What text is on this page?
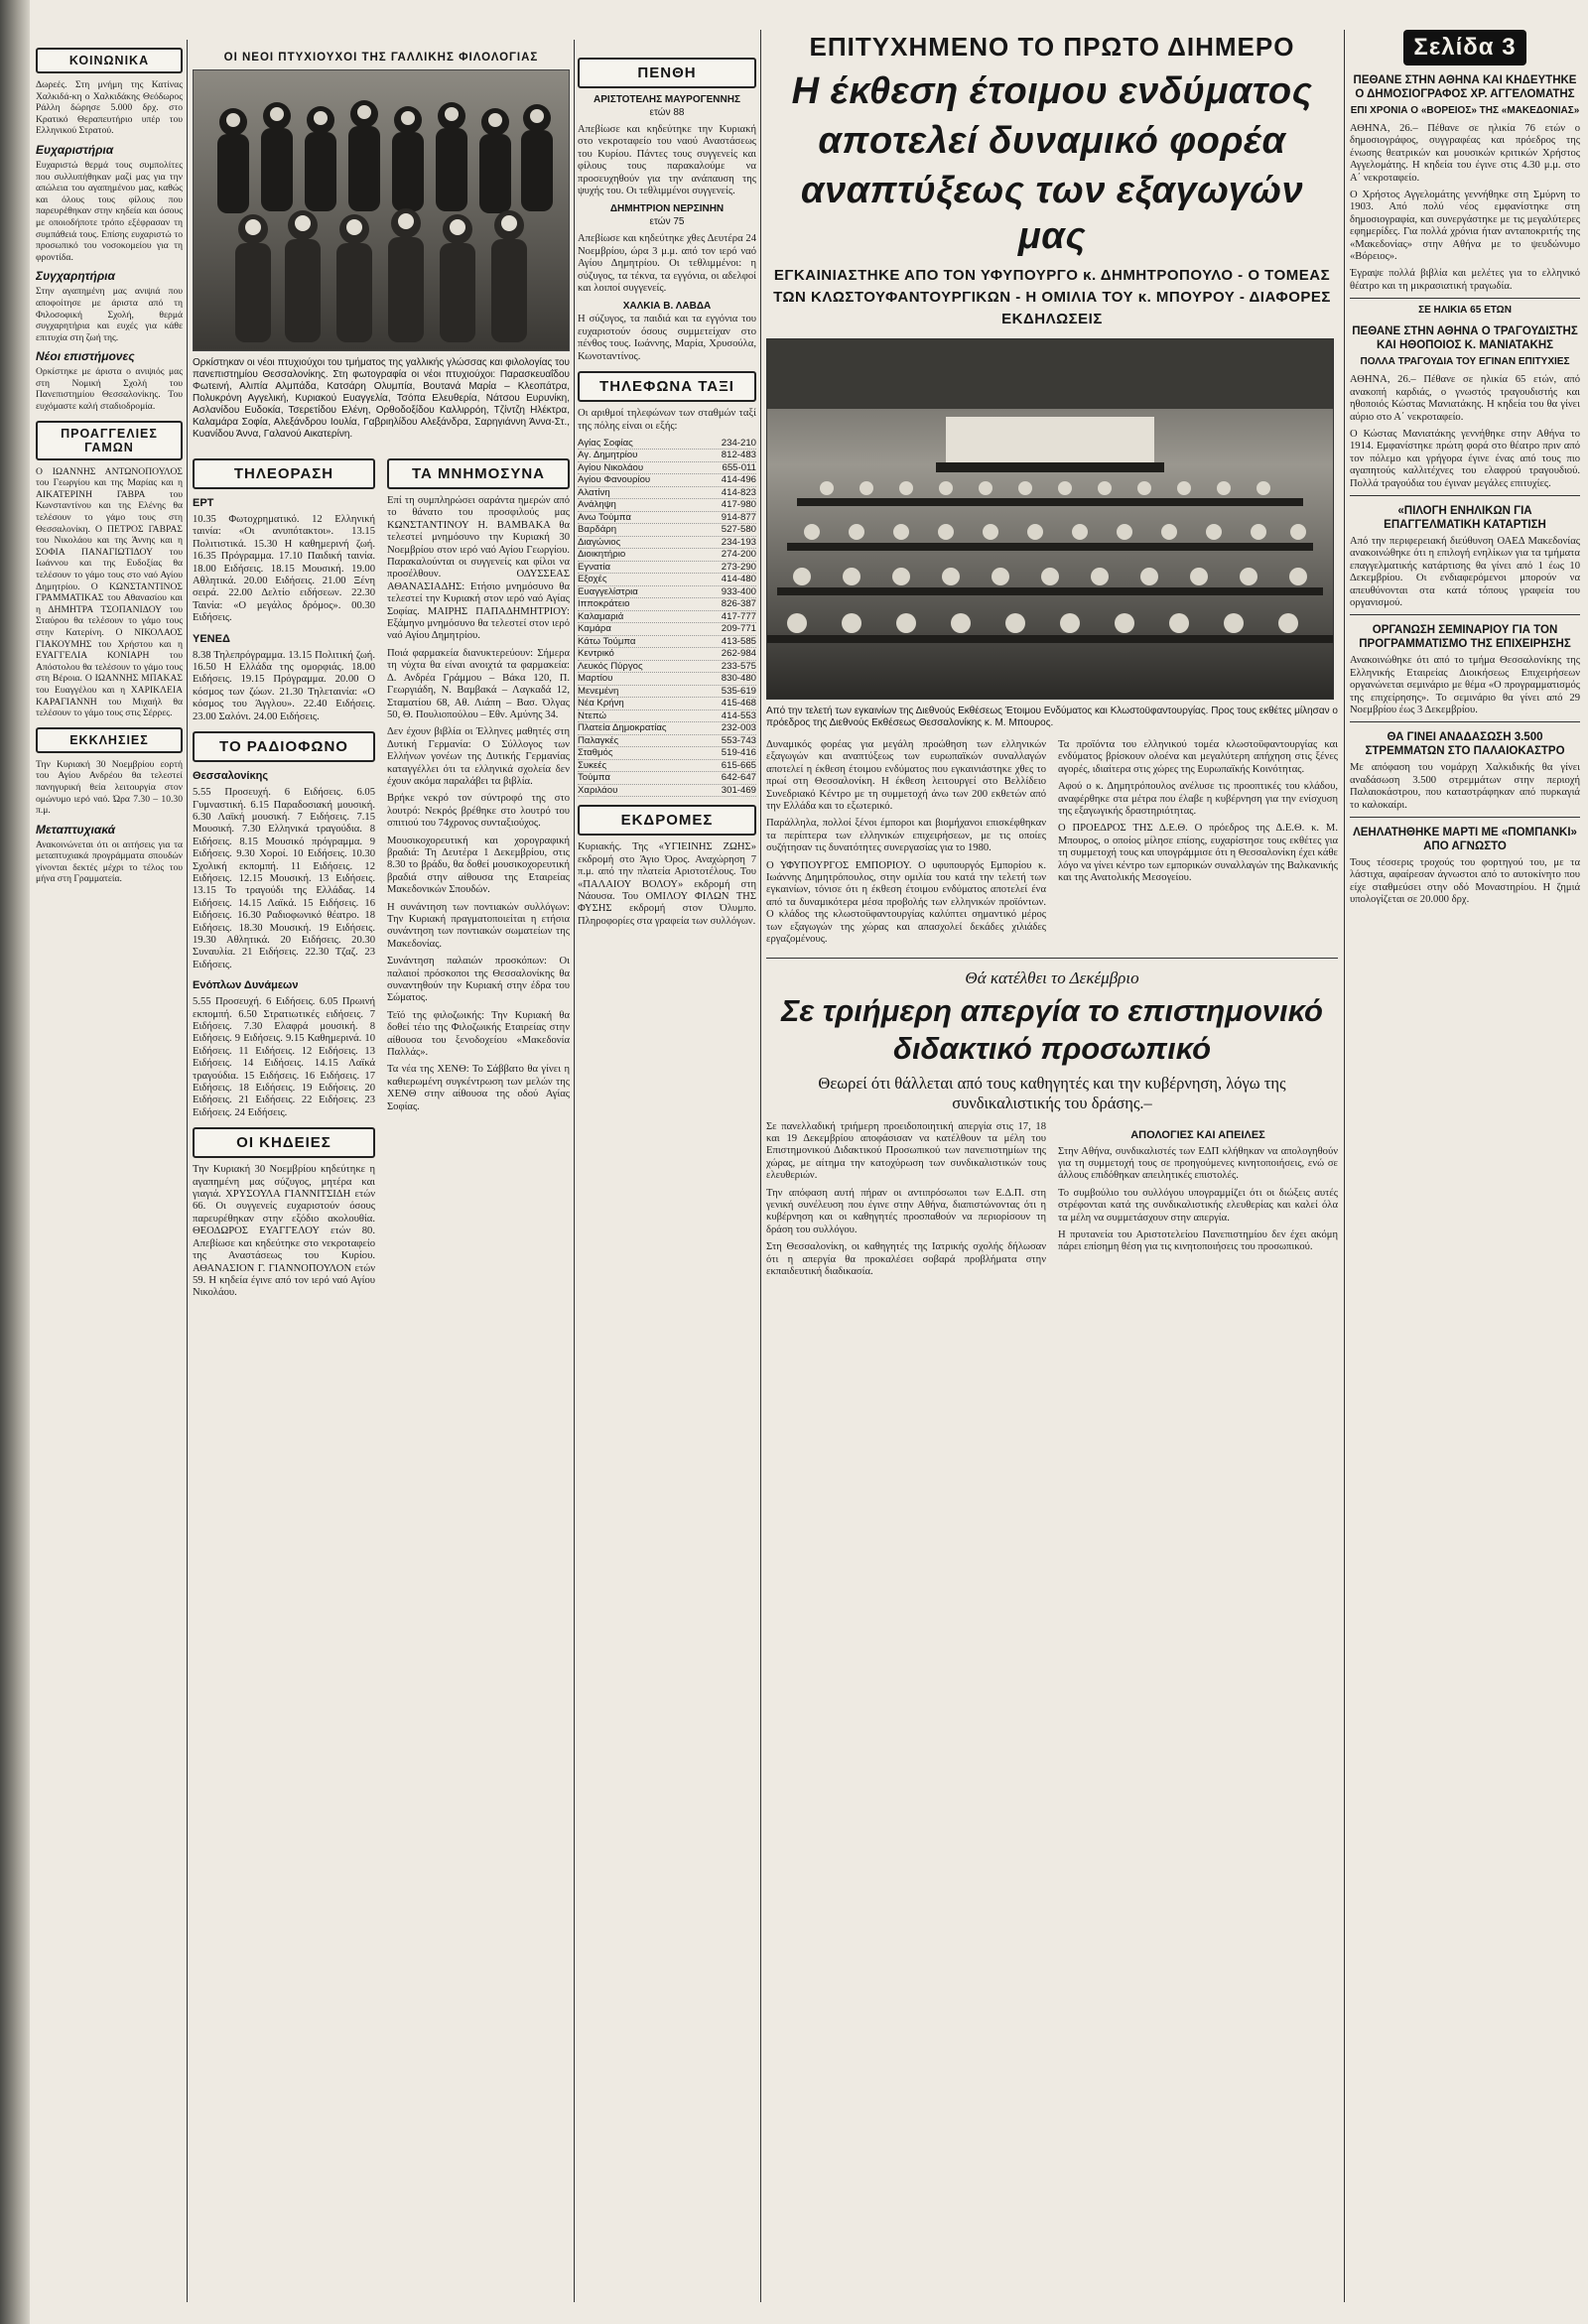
ΚΟΙΝΩΝΙΚΑ

Δωρεές. Στη μνήμη της Κατίνας Χαλκιδά-κη ο Χαλκιδάκης Θεόδωρος Ράλλη δώρησε 5.000 δρχ. στο Κρατικό Θεραπευτήριο υπέρ του Ελληνικού Στρατού.

Ευχαριστήρια

Ευχαριστώ θερμά τους συμπολίτες που συλλυπήθηκαν μαζί μας για την απώλεια του αγαπημένου μας, καθώς και όλους τους φίλους που παρευρέθηκαν στην κηδεία και όσους με οποιοδήποτε τρόπο εξέφρασαν τη συμπάθειά τους. Επίσης ευχαριστώ το προσωπικό του νοσοκομείου για τη φροντίδα.

Συγχαρητήρια

Στην αγαπημένη μας ανιψιά που αποφοίτησε με άριστα από τη Φιλοσοφική Σχολή, θερμά συγχαρητήρια και ευχές για κάθε επιτυχία στη ζωή της.

Νέοι επιστήμονες

Ορκίστηκε με άριστα ο ανιψιός μας στη Νομική Σχολή του Πανεπιστημίου Θεσσαλονίκης. Του ευχόμαστε καλή σταδιοδρομία.

ΠΡΟΑΓΓΕΛΙΕΣ ΓΑΜΩΝ

Ο ΙΩΑΝΝΗΣ ΑΝΤΩΝΟΠΟΥΛΟΣ του Γεωργίου και της Μαρίας και η ΑΙΚΑΤΕΡΙΝΗ ΓΑΒΡΑ του Κωνσταντίνου και της Ελένης θα τελέσουν το γάμο τους στη Θεσσαλονίκη. Ο ΠΕΤΡΟΣ ΓΑΒΡΑΣ του Νικολάου και της Άννης και η ΣΟΦΙΑ ΠΑΝΑΓΙΩΤΙΔΟΥ του Ιωάννου και της Ευδοξίας θα τελέσουν το γάμο τους στο ναό Αγίου Δημητρίου. Ο ΚΩΝΣΤΑΝΤΙΝΟΣ ΓΡΑΜΜΑΤΙΚΑΣ του Αθανασίου και η ΔΗΜΗΤΡΑ ΤΣΟΠΑΝΙΔΟΥ του Σταύρου θα τελέσουν το γάμο τους στην Κατερίνη. Ο ΝΙΚΟΛΑΟΣ ΓΙΑΚΟΥΜΗΣ του Χρήστου και η ΕΥΑΓΓΕΛΙΑ ΚΟΝΙΑΡΗ του Απόστολου θα τελέσουν το γάμο τους στη Βέροια. Ο ΙΩΑΝΝΗΣ ΜΠΑΚΑΣ του Ευαγγέλου και η ΧΑΡΙΚΛΕΙΑ ΚΑΡΑΓΙΑΝΝΗ του Μιχαήλ θα τελέσουν το γάμο τους στις Σέρρες.

ΕΚΚΛΗΣΙΕΣ

Την Κυριακή 30 Νοεμβρίου εορτή του Αγίου Ανδρέου θα τελεστεί πανηγυρική θεία λειτουργία στον ομώνυμο ιερό ναό. Ώρα 7.30 – 10.30 π.μ.

Μεταπτυχιακά

Ανακοινώνεται ότι οι αιτήσεις για τα μεταπτυχιακά προγράμματα σπουδών γίνονται δεκτές μέχρι το τέλος του μήνα στη Γραμματεία.

ΟΙ ΝΕΟΙ ΠΤΥΧΙΟΥΧΟΙ ΤΗΣ ΓΑΛΛΙΚΗΣ ΦΙΛΟΛΟΓΙΑΣ

Ορκίστηκαν οι νέοι πτυχιούχοι του τμήματος της γαλλικής γλώσσας και φιλολογίας του πανεπιστημίου Θεσσαλονίκης. Στη φωτογραφία οι νέοι πτυχιούχοι: Παρασκευαΐδου Φωτεινή, Αλιπία Αλμπάδα, Κατσάρη Ολυμπία, Βουτανά Μαρία – Κλεοπάτρα, Πολυκρόνη Αγγελική, Κυριακού Ευαγγελία, Τσόπα Ελευθερία, Νάτσου Ευρυνίκη, Ασλανίδου Ευδοκία, Τσερετίδου Ελένη, Ορθοδοξίδου Καλλιρρόη, Τζίντζη Ηλέκτρα, Καλαμάρα Σοφία, Αλεξάνδρου Ιουλία, Γαβριηλίδου Αλεξάνδρα, Σαρηγιάννη Άννα-Στ., Κυανίδου Άννα, Γαλανού Αικατερίνη.

ΤΗΛΕΟΡΑΣΗ
ΕΡΤ

10.35 Φωτοχρηματικό. 12 Ελληνική ταινία: «Οι ανυπότακτοι». 13.15 Πολιτιστικά. 15.30 Η καθημερινή ζωή. 16.35 Πρόγραμμα. 17.10 Παιδική ταινία. 18.00 Ειδήσεις. 18.15 Μουσική. 19.00 Αθλητικά. 20.00 Ειδήσεις. 21.00 Ξένη σειρά. 22.00 Δελτίο ειδήσεων. 22.30 Ταινία: «Ο μεγάλος δρόμος». 00.30 Ειδήσεις.

ΥΕΝΕΔ

8.38 Τηλεπρόγραμμα. 13.15 Πολιτική ζωή. 16.50 Η Ελλάδα της ομορφιάς. 18.00 Ειδήσεις. 19.15 Πρόγραμμα. 20.00 Ο κόσμος των ζώων. 21.30 Τηλεταινία: «Ο κόσμος του Άγγλου». 22.40 Ειδήσεις. 23.00 Σαλόνι. 24.00 Ειδήσεις.

ΤΟ ΡΑΔΙΟΦΩΝΟ
Θεσσαλονίκης

5.55 Προσευχή. 6 Ειδήσεις. 6.05 Γυμναστική. 6.15 Παραδοσιακή μουσική. 6.30 Λαϊκή μουσική. 7 Ειδήσεις. 7.15 Μουσική. 7.30 Ελληνικά τραγούδια. 8 Ειδήσεις. 8.15 Μουσικό πρόγραμμα. 9 Ειδήσεις. 9.30 Χοροί. 10 Ειδήσεις. 10.30 Σχολική εκπομπή. 11 Ειδήσεις. 12 Ειδήσεις. 12.15 Μουσική. 13 Ειδήσεις. 13.15 Το τραγούδι της Ελλάδας. 14 Ειδήσεις. 14.15 Λαϊκά. 15 Ειδήσεις. 16 Ειδήσεις. 16.30 Ραδιοφωνικό θέατρο. 18 Ειδήσεις. 18.30 Μουσική. 19 Ειδήσεις. 19.30 Αθλητικά. 20 Ειδήσεις. 20.30 Συναυλία. 21 Ειδήσεις. 22.30 Τζαζ. 23 Ειδήσεις.

Ενόπλων Δυνάμεων

5.55 Προσευχή. 6 Ειδήσεις. 6.05 Πρωινή εκπομπή. 6.50 Στρατιωτικές ειδήσεις. 7 Ειδήσεις. 7.30 Ελαφρά μουσική. 8 Ειδήσεις. 9 Ειδήσεις. 9.15 Καθημερινά. 10 Ειδήσεις. 11 Ειδήσεις. 12 Ειδήσεις. 13 Ειδήσεις. 14 Ειδήσεις. 14.15 Λαϊκά τραγούδια. 15 Ειδήσεις. 16 Ειδήσεις. 17 Ειδήσεις. 18 Ειδήσεις. 19 Ειδήσεις. 20 Ειδήσεις. 21 Ειδήσεις. 22 Ειδήσεις. 23 Ειδήσεις. 24 Ειδήσεις.

ΟΙ ΚΗΔΕΙΕΣ

Την Κυριακή 30 Νοεμβρίου κηδεύτηκε η αγαπημένη μας σύζυγος, μητέρα και γιαγιά. ΧΡΥΣΟΥΛΑ ΓΙΑΝΝΙΤΣΙΔΗ ετών 66. Οι συγγενείς ευχαριστούν όσους παρευρέθηκαν στην εξόδιο ακολουθία. ΘΕΟΔΩΡΟΣ ΕΥΑΓΓΕΛΟΥ ετών 80. Απεβίωσε και κηδεύτηκε στο νεκροταφείο της Αναστάσεως του Κυρίου. ΑΘΑΝΑΣΙΟΝ Γ. ΓΙΑΝΝΟΠΟΥΛΟΝ ετών 59. Η κηδεία έγινε από τον ιερό ναό Αγίου Νικολάου.

ΤΑ ΜΝΗΜΟΣΥΝΑ

Επί τη συμπληρώσει σαράντα ημερών από το θάνατο του προσφιλούς μας ΚΩΝΣΤΑΝΤΙΝΟΥ Η. ΒΑΜΒΑΚΑ θα τελεστεί μνημόσυνο την Κυριακή 30 Νοεμβρίου στον ιερό ναό Αγίου Γεωργίου. Παρακαλούνται οι συγγενείς και φίλοι να προσέλθουν. ΟΔΥΣΣΕΑΣ ΑΘΑΝΑΣΙΑΔΗΣ: Ετήσιο μνημόσυνο θα τελεστεί την Κυριακή στον ιερό ναό Αγίας Σοφίας. ΜΑΙΡΗΣ ΠΑΠΑΔΗΜΗΤΡΙΟΥ: Εξάμηνο μνημόσυνο θα τελεστεί στον ιερό ναό Αγίου Δημητρίου.

Ποιά φαρμακεία διανυκτερεύουν: Σήμερα τη νύχτα θα είναι ανοιχτά τα φαρμακεία: Δ. Ανδρέα Γράμμου – Βάκα 120, Π. Γεωργιάδη, Ν. Βαμβακά – Λαγκαδά 12, Σταματίου 68, Αθ. Λιάπη – Βασ. Όλγας 50, Θ. Πουλιοπούλου – Εθν. Αμύνης 34.

Δεν έχουν βιβλία οι Έλληνες μαθητές στη Δυτική Γερμανία: Ο Σύλλογος των Ελλήνων γονέων της Δυτικής Γερμανίας καταγγέλλει ότι τα ελληνικά σχολεία δεν έχουν ακόμα παραλάβει τα βιβλία.

Βρήκε νεκρό τον σύντροφό της στο λουτρό: Νεκρός βρέθηκε στο λουτρό του σπιτιού του 74χρονος συνταξιούχος.

Μουσικοχορευτική και χορογραφική βραδιά: Τη Δευτέρα 1 Δεκεμβρίου, στις 8.30 το βράδυ, θα δοθεί μουσικοχορευτική βραδιά στην αίθουσα της Εταιρείας Μακεδονικών Σπουδών.

Η συνάντηση των ποντιακών συλλόγων: Την Κυριακή πραγματοποιείται η ετήσια συνάντηση των ποντιακών σωματείων της Μακεδονίας.

Συνάντηση παλαιών προσκόπων: Οι παλαιοί πρόσκοποι της Θεσσαλονίκης θα συναντηθούν την Κυριακή στην έδρα του Σώματος.

Τεϊό της φιλοζωικής: Την Κυριακή θα δοθεί τέιο της Φιλοζωικής Εταιρείας στην αίθουσα του ξενοδοχείου «Μακεδονία Παλλάς».

Τα νέα της ΧΕΝΘ: Το Σάββατο θα γίνει η καθιερωμένη συγκέντρωση των μελών της ΧΕΝΘ στην αίθουσα της οδού Αγίας Σοφίας.

ΠΕΝΘΗ
ΑΡΙΣΤΟΤΕΛΗΣ ΜΑΥΡΟΓΕΝΝΗΣ
ετών 88

Απεβίωσε και κηδεύτηκε την Κυριακή στο νεκροταφείο του ναού Αναστάσεως του Κυρίου. Πάντες τους συγγενείς και φίλους τους παρακαλούμε να προσευχηθούν για την ανάπαυση της ψυχής του. Οι τεθλιμμένοι συγγενείς.

ΔΗΜΗΤΡΙΟΝ ΝΕΡΣΙΝΗΝ
ετών 75

Απεβίωσε και κηδεύτηκε χθες Δευτέρα 24 Νοεμβρίου, ώρα 3 μ.μ. από τον ιερό ναό Αγίου Δημητρίου. Οι τεθλιμμένοι: η σύζυγος, τα τέκνα, τα εγγόνια, οι αδελφοί και λοιποί συγγενείς.

ΧΑΛΚΙΑ Β. ΛΑΒΔΑ

Η σύζυγος, τα παιδιά και τα εγγόνια του ευχαριστούν όσους συμμετείχαν στο πένθος τους. Ιωάννης, Μαρία, Χρυσούλα, Κωνσταντίνος.

ΤΗΛΕΦΩΝΑ ΤΑΞΙ

Οι αριθμοί τηλεφώνων των σταθμών ταξί της πόλης είναι οι εξής:

Αγίας Σοφίας	234-210
Αγ. Δημητρίου	812-483
Αγίου Νικολάου	655-011
Αγίου Φανουρίου	414-496
Αλατίνη	414-823
Ανάληψη	417-980
Ανω Τούμπα	914-877
Βαρδάρη	527-580
Διαγώνιος	234-193
Διοικητήριο	274-200
Εγνατία	273-290
Εξοχές	414-480
Ευαγγελίστρια	933-400
Ιπποκράτειο	826-387
Καλαμαριά	417-777
Καμάρα	209-771
Κάτω Τούμπα	413-585
Κεντρικό	262-984
Λευκός Πύργος	233-575
Μαρτίου	830-480
Μενεμένη	535-619
Νέα Κρήνη	415-468
Ντεπώ	414-553
Πλατεία Δημοκρατίας	232-003
Παλαγκές	553-743
Σταθμός	519-416
Συκεές	615-665
Τούμπα	642-647
Χαριλάου	301-469
ΕΚΔΡΟΜΕΣ

Κυριακής. Της «ΥΓΙΕΙΝΗΣ ΖΩΗΣ» εκδρομή στο Άγιο Όρος. Αναχώρηση 7 π.μ. από την πλατεία Αριστοτέλους. Του «ΠΑΛΑΙΟΥ ΒΟΛΟΥ» εκδρομή στη Νάουσα. Του ΟΜΙΛΟΥ ΦΙΛΩΝ ΤΗΣ ΦΥΣΗΣ εκδρομή στον Όλυμπο. Πληροφορίες στα γραφεία των συλλόγων.

ΕΠΙΤΥΧΗΜΕΝΟ ΤΟ ΠΡΩΤΟ ΔΙΗΜΕΡΟ
Η έκθεση έτοιμου ενδύματος
αποτελεί δυναμικό φορέα
αναπτύξεως των εξαγωγών μας
ΕΓΚΑΙΝΙΑΣΤΗΚΕ ΑΠΟ ΤΟΝ ΥΦΥΠΟΥΡΓΟ κ. ΔΗΜΗΤΡΟΠΟΥΛΟ - Ο ΤΟΜΕΑΣ ΤΩΝ ΚΛΩΣΤΟΥΦΑΝΤΟΥΡΓΙΚΩΝ - Η ΟΜΙΛΙΑ ΤΟΥ κ. ΜΠΟΥΡΟΥ - ΔΙΑΦΟΡΕΣ ΕΚΔΗΛΩΣΕΙΣ

Από την τελετή των εγκαινίων της Διεθνούς Εκθέσεως Έτοιμου Ενδύματος και Κλωστοϋφαντουργίας. Προς τους εκθέτες μίλησαν ο πρόεδρος της Διεθνούς Εκθέσεως Θεσσαλονίκης κ. Μ. Μπουρος.

Δυναμικός φορέας για μεγάλη προώθηση των ελληνικών εξαγωγών και αναπτύξεως των ευρωπαϊκών συναλλαγών αποτελεί η έκθεση έτοιμου ενδύματος που εγκαινιάστηκε χθες το πρωί στη Θεσσαλονίκη. Η έκθεση λειτουργεί στο Βελλίδειο Συνεδριακό Κέντρο με τη συμμετοχή άνω των 200 εκθετών από την Ελλάδα και το εξωτερικό.

Παράλληλα, πολλοί ξένοι έμποροι και βιομήχανοι επισκέφθηκαν τα περίπτερα των ελληνικών επιχειρήσεων, με τις οποίες συζήτησαν τις δυνατότητες συνεργασίας για το 1980.

Ο ΥΦΥΠΟΥΡΓΟΣ ΕΜΠΟΡΙΟΥ. Ο υφυπουργός Εμπορίου κ. Ιωάννης Δημητρόπουλος, στην ομιλία του κατά την τελετή των εγκαινίων, τόνισε ότι η έκθεση έτοιμου ενδύματος αποτελεί ένα από τα δυναμικότερα μέσα προβολής των ελληνικών προϊόντων. Ο κλάδος της κλωστοϋφαντουργίας καλύπτει σημαντικό μέρος των εξαγωγών της χώρας και απασχολεί δεκάδες χιλιάδες εργαζομένους.

Τα προϊόντα του ελληνικού τομέα κλωστοϋφαντουργίας και ενδύματος βρίσκουν ολοένα και μεγαλύτερη απήχηση στις ξένες αγορές, ιδιαίτερα στις χώρες της Ευρωπαϊκής Κοινότητας.

Αφού ο κ. Δημητρόπουλος ανέλυσε τις προοπτικές του κλάδου, αναφέρθηκε στα μέτρα που έλαβε η κυβέρνηση για την ενίσχυση της εξαγωγικής δραστηριότητας.

Ο ΠΡΟΕΔΡΟΣ ΤΗΣ Δ.Ε.Θ. Ο πρόεδρος της Δ.Ε.Θ. κ. Μ. Μπουρος, ο οποίος μίλησε επίσης, ευχαρίστησε τους εκθέτες για τη συμμετοχή τους και υπογράμμισε ότι η Θεσσαλονίκη έχει κάθε λόγο να γίνει κέντρο των εμπορικών συναλλαγών της Βαλκανικής και της Ανατολικής Μεσογείου.

Θά κατέλθει το Δεκέμβριο
Σε τριήμερη απεργία το επιστημονικό διδακτικό προσωπικό
Θεωρεί ότι θάλλεται από τους καθηγητές και την κυβέρνηση, λόγω της συνδικαλιστικής του δράσης.–

Σε πανελλαδική τριήμερη προειδοποιητική απεργία στις 17, 18 και 19 Δεκεμβρίου αποφάσισαν να κατέλθουν τα μέλη του Επιστημονικού Διδακτικού Προσωπικού των πανεπιστημίων της χώρας, με αίτημα την κατοχύρωση των συνδικαλιστικών τους ελευθεριών.

Την απόφαση αυτή πήραν οι αντιπρόσωποι των Ε.Δ.Π. στη γενική συνέλευση που έγινε στην Αθήνα, διαπιστώνοντας ότι η κυβέρνηση και οι καθηγητές προσπαθούν να περιορίσουν τη δράση του συλλόγου.

Στη Θεσσαλονίκη, οι καθηγητές της Ιατρικής σχολής δήλωσαν ότι η απεργία θα προκαλέσει σοβαρά προβλήματα στην εκπαιδευτική διαδικασία.

ΑΠΟΛΟΓΙΕΣ ΚΑΙ ΑΠΕΙΛΕΣ

Στην Αθήνα, συνδικαλιστές των ΕΔΠ κλήθηκαν να απολογηθούν για τη συμμετοχή τους σε προηγούμενες κινητοποιήσεις, ενώ σε άλλους επιδόθηκαν απειλητικές επιστολές.

Το συμβούλιο του συλλόγου υπογραμμίζει ότι οι διώξεις αυτές στρέφονται κατά της συνδικαλιστικής ελευθερίας και καλεί όλα τα μέλη να συμμετάσχουν στην απεργία.

Η πρυτανεία του Αριστοτελείου Πανεπιστημίου δεν έχει ακόμη πάρει επίσημη θέση για τις κινητοποιήσεις του προσωπικού.

Σελίδα 3
ΠΕΘΑΝΕ ΣΤΗΝ ΑΘΗΝΑ ΚΑΙ ΚΗΔΕΥΤΗΚΕ Ο ΔΗΜΟΣΙΟΓΡΑΦΟΣ ΧΡ. ΑΓΓΕΛΟΜΑΤΗΣ
ΕΠΙ ΧΡΟΝΙΑ Ο «ΒΟΡΕΙΟΣ» ΤΗΣ «ΜΑΚΕΔΟΝΙΑΣ»

ΑΘΗΝΑ, 26.– Πέθανε σε ηλικία 76 ετών ο δημοσιογράφος, συγγραφέας και πρόεδρος της ένωσης θεατρικών και μουσικών κριτικών Χρήστος Αγγελομάτης. Η κηδεία του έγινε στις 4.30 μ.μ. στο Α΄ νεκροταφείο.

Ο Χρήστος Αγγελομάτης γεννήθηκε στη Σμύρνη το 1903. Από πολύ νέος εμφανίστηκε στη δημοσιογραφία, και συνεργάστηκε με τις μεγαλύτερες εφημερίδες. Για πολλά χρόνια ήταν ανταποκριτής της «Μακεδονίας» στην Αθήνα με το ψευδώνυμο «Βόρειος».

Έγραψε πολλά βιβλία και μελέτες για το ελληνικό θέατρο και τη μικρασιατική τραγωδία.

ΣΕ ΗΛΙΚΙΑ 65 ΕΤΩΝ
ΠΕΘΑΝΕ ΣΤΗΝ ΑΘΗΝΑ Ο ΤΡΑΓΟΥΔΙΣΤΗΣ ΚΑΙ ΗΘΟΠΟΙΟΣ Κ. ΜΑΝΙΑΤΑΚΗΣ
ΠΟΛΛΑ ΤΡΑΓΟΥΔΙΑ ΤΟΥ ΕΓΙΝΑΝ ΕΠΙΤΥΧΙΕΣ

ΑΘΗΝΑ, 26.– Πέθανε σε ηλικία 65 ετών, από ανακοπή καρδιάς, ο γνωστός τραγουδιστής και ηθοποιός Κώστας Μανιατάκης. Η κηδεία του θα γίνει αύριο στο Α΄ νεκροταφείο.

Ο Κώστας Μανιατάκης γεννήθηκε στην Αθήνα το 1914. Εμφανίστηκε πρώτη φορά στο θέατρο πριν από τον πόλεμο και γρήγορα έγινε ένας από τους πιο αγαπητούς καλλιτέχνες του ελαφρού τραγουδιού. Πολλά τραγούδια του έγιναν μεγάλες επιτυχίες.

«ΠΙΛΟΓΗ ΕΝΗΛΙΚΩΝ ΓΙΑ ΕΠΑΓΓΕΛΜΑΤΙΚΗ ΚΑΤΑΡΤΙΣΗ

Από την περιφερειακή διεύθυνση ΟΑΕΔ Μακεδονίας ανακοινώθηκε ότι η επιλογή ενηλίκων για τα τμήματα επαγγελματικής κατάρτισης θα γίνει από 1 έως 10 Δεκεμβρίου. Οι ενδιαφερόμενοι μπορούν να απευθύνονται στα κατά τόπους γραφεία του οργανισμού.

ΟΡΓΑΝΩΣΗ ΣΕΜΙΝΑΡΙΟΥ ΓΙΑ ΤΟΝ ΠΡΟΓΡΑΜΜΑΤΙΣΜΟ ΤΗΣ ΕΠΙΧΕΙΡΗΣΗΣ

Ανακοινώθηκε ότι από το τμήμα Θεσσαλονίκης της Ελληνικής Εταιρείας Διοικήσεως Επιχειρήσεων οργανώνεται σεμινάριο με θέμα «Ο προγραμματισμός της επιχείρησης». Το σεμινάριο θα γίνει από 29 Νοεμβρίου έως 3 Δεκεμβρίου.

ΘΑ ΓΙΝΕΙ ΑΝΑΔΑΣΩΣΗ 3.500 ΣΤΡΕΜΜΑΤΩΝ ΣΤΟ ΠΑΛΑΙΟΚΑΣΤΡΟ

Με απόφαση του νομάρχη Χαλκιδικής θα γίνει αναδάσωση 3.500 στρεμμάτων στην περιοχή Παλαιοκάστρου, που καταστράφηκαν από πυρκαγιά το καλοκαίρι.

ΛΕΗΛΑΤΗΘΗΚΕ ΜΑΡΤΙ ΜΕ «ΠΟΜΠΑΝΚΙ» ΑΠΟ ΑΓΝΩΣΤΟ

Τους τέσσερις τροχούς του φορτηγού του, με τα λάστιχα, αφαίρεσαν άγνωστοι από το αυτοκίνητο που είχε σταθμεύσει στην οδό Μοναστηρίου. Η ζημιά υπολογίζεται σε 20.000 δρχ.
